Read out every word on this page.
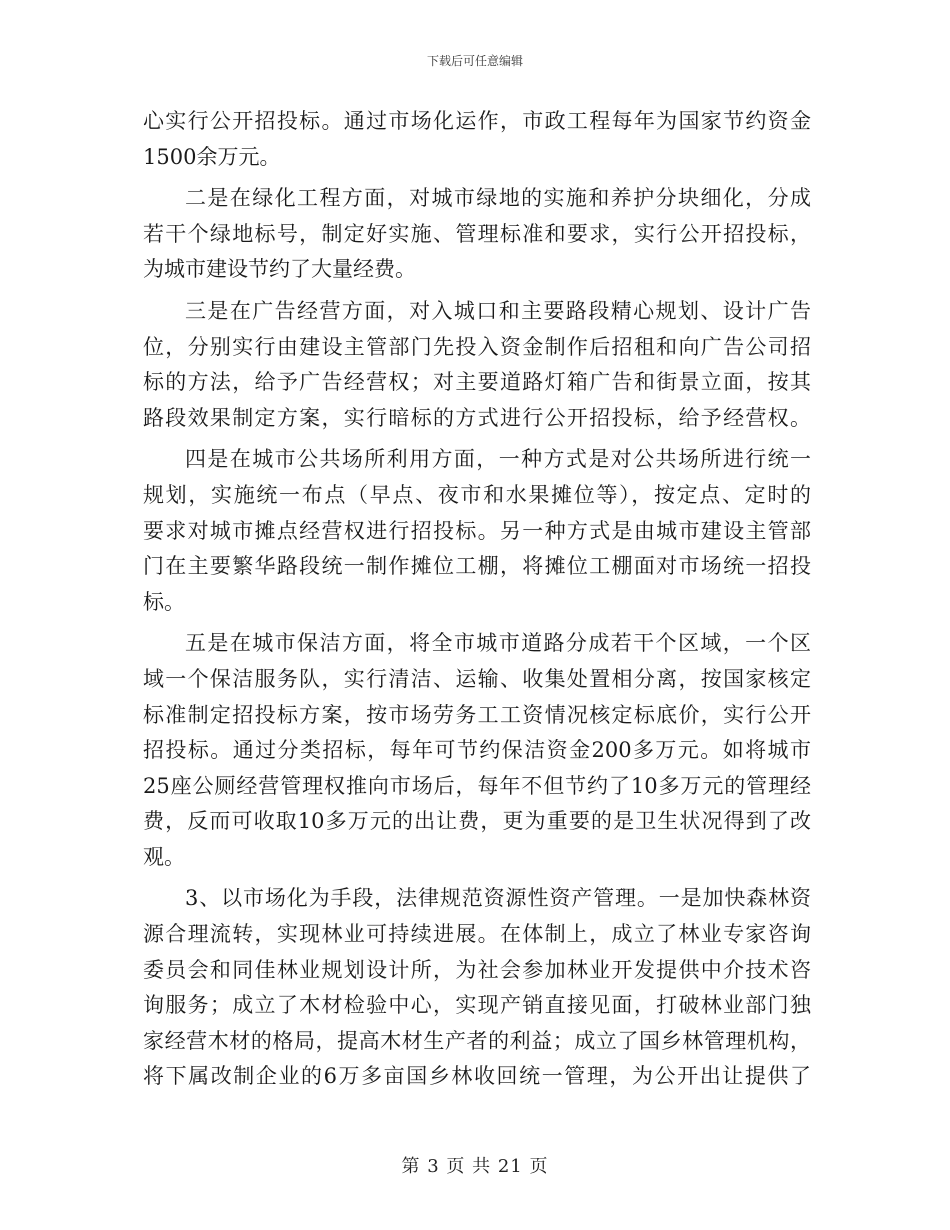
下载后可任意编辑
心实行公开招投标。通过市场化运作，市政工程每年为国家节约资金
1500余万元。
二是在绿化工程方面，对城市绿地的实施和养护分块细化，分成
若干个绿地标号，制定好实施、管理标准和要求，实行公开招投标，
为城市建设节约了大量经费。
三是在广告经营方面，对入城口和主要路段精心规划、设计广告
位，分别实行由建设主管部门先投入资金制作后招租和向广告公司招
标的方法，给予广告经营权；对主要道路灯箱广告和街景立面，按其
路段效果制定方案，实行暗标的方式进行公开招投标，给予经营权。
四是在城市公共场所利用方面，一种方式是对公共场所进行统一
规划，实施统一布点（早点、夜市和水果摊位等），按定点、定时的
要求对城市摊点经营权进行招投标。另一种方式是由城市建设主管部
门在主要繁华路段统一制作摊位工棚，将摊位工棚面对市场统一招投
标。
五是在城市保洁方面，将全市城市道路分成若干个区域，一个区
域一个保洁服务队，实行清洁、运输、收集处置相分离，按国家核定
标准制定招投标方案，按市场劳务工工资情况核定标底价，实行公开
招投标。通过分类招标，每年可节约保洁资金200多万元。如将城市
25座公厕经营管理权推向市场后，每年不但节约了10多万元的管理经
费，反而可收取10多万元的出让费，更为重要的是卫生状况得到了改
观。
3、以市场化为手段，法律规范资源性资产管理。一是加快森林资
源合理流转，实现林业可持续进展。在体制上，成立了林业专家咨询
委员会和同佳林业规划设计所，为社会参加林业开发提供中介技术咨
询服务；成立了木材检验中心，实现产销直接见面，打破林业部门独
家经营木材的格局，提高木材生产者的利益；成立了国乡林管理机构，
将下属改制企业的6万多亩国乡林收回统一管理，为公开出让提供了
第 3 页 共 21 页
